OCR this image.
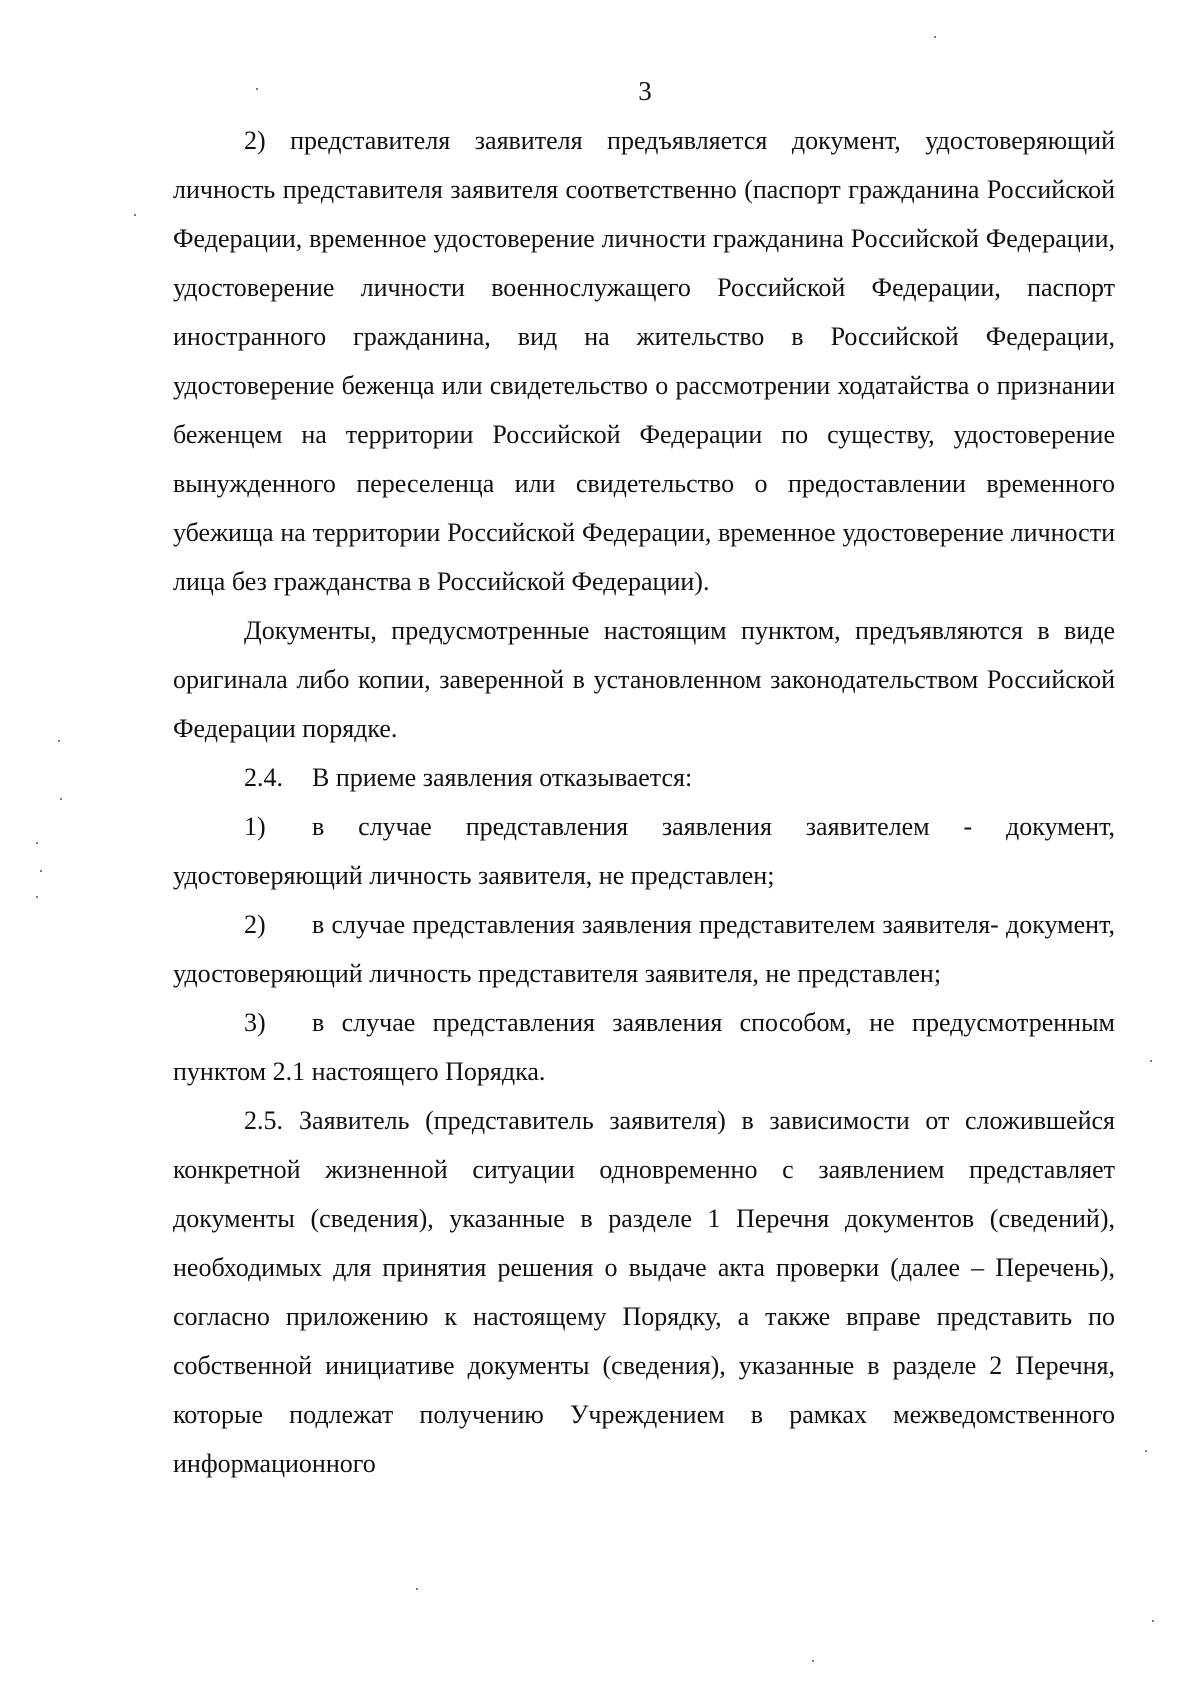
3

2) представителя заявителя предъявляется документ, удостоверяющий личность представителя заявителя соответственно (паспорт гражданина Российской Федерации, временное удостоверение личности гражданина Российской Федерации, удостоверение личности военнослужащего Российской Федерации, паспорт иностранного гражданина, вид на жительство в Российской Федерации, удостоверение беженца или свидетельство о рассмотрении ходатайства о признании беженцем на территории Российской Федерации по существу, удостоверение вынужденного переселенца или свидетельство о предоставлении временного убежища на территории Российской Федерации, временное удостоверение личности лица без гражданства в Российской Федерации).

Документы, предусмотренные настоящим пунктом, предъявляются в виде оригинала либо копии, заверенной в установленном законодательством Российской Федерации порядке.

2.4. В приеме заявления отказывается:

1) в случае представления заявления заявителем - документ, удостоверяющий личность заявителя, не представлен;

2) в случае представления заявления представителем заявителя- документ, удостоверяющий личность представителя заявителя, не представлен;

3) в случае представления заявления способом, не предусмотренным пунктом 2.1 настоящего Порядка.

2.5. Заявитель (представитель заявителя) в зависимости от сложившейся конкретной жизненной ситуации одновременно с заявлением представляет документы (сведения), указанные в разделе 1 Перечня документов (сведений), необходимых для принятия решения о выдаче акта проверки (далее – Перечень), согласно приложению к настоящему Порядку, а также вправе представить по собственной инициативе документы (сведения), указанные в разделе 2 Перечня, которые подлежат получению Учреждением в рамках межведомственного информационного
